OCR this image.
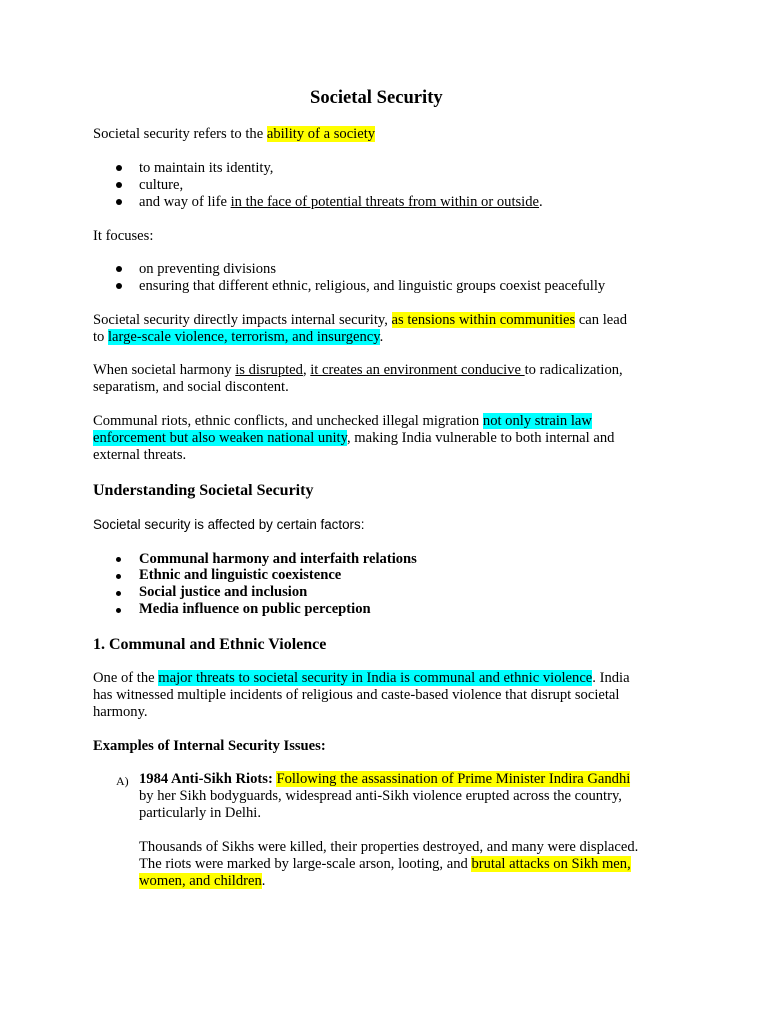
Societal Security
Societal security refers to the ability of a society
to maintain its identity,
culture,
and way of life in the face of potential threats from within or outside.
It focuses:
on preventing divisions
ensuring that different ethnic, religious, and linguistic groups coexist peacefully
Societal security directly impacts internal security, as tensions within communities can lead
to large-scale violence, terrorism, and insurgency.
When societal harmony is disrupted, it creates an environment conducive to radicalization,
separatism, and social discontent.
Communal riots, ethnic conflicts, and unchecked illegal migration not only strain law
enforcement but also weaken national unity, making India vulnerable to both internal and
external threats.
Understanding Societal Security
Societal security is affected by certain factors:
Communal harmony and interfaith relations
Ethnic and linguistic coexistence
Social justice and inclusion
Media influence on public perception
1. Communal and Ethnic Violence
One of the major threats to societal security in India is communal and ethnic violence. India
has witnessed multiple incidents of religious and caste-based violence that disrupt societal
harmony.
Examples of Internal Security Issues:
A) 1984 Anti-Sikh Riots: Following the assassination of Prime Minister Indira Gandhi
by her Sikh bodyguards, widespread anti-Sikh violence erupted across the country,
particularly in Delhi.
Thousands of Sikhs were killed, their properties destroyed, and many were displaced.
The riots were marked by large-scale arson, looting, and brutal attacks on Sikh men,
women, and children.
